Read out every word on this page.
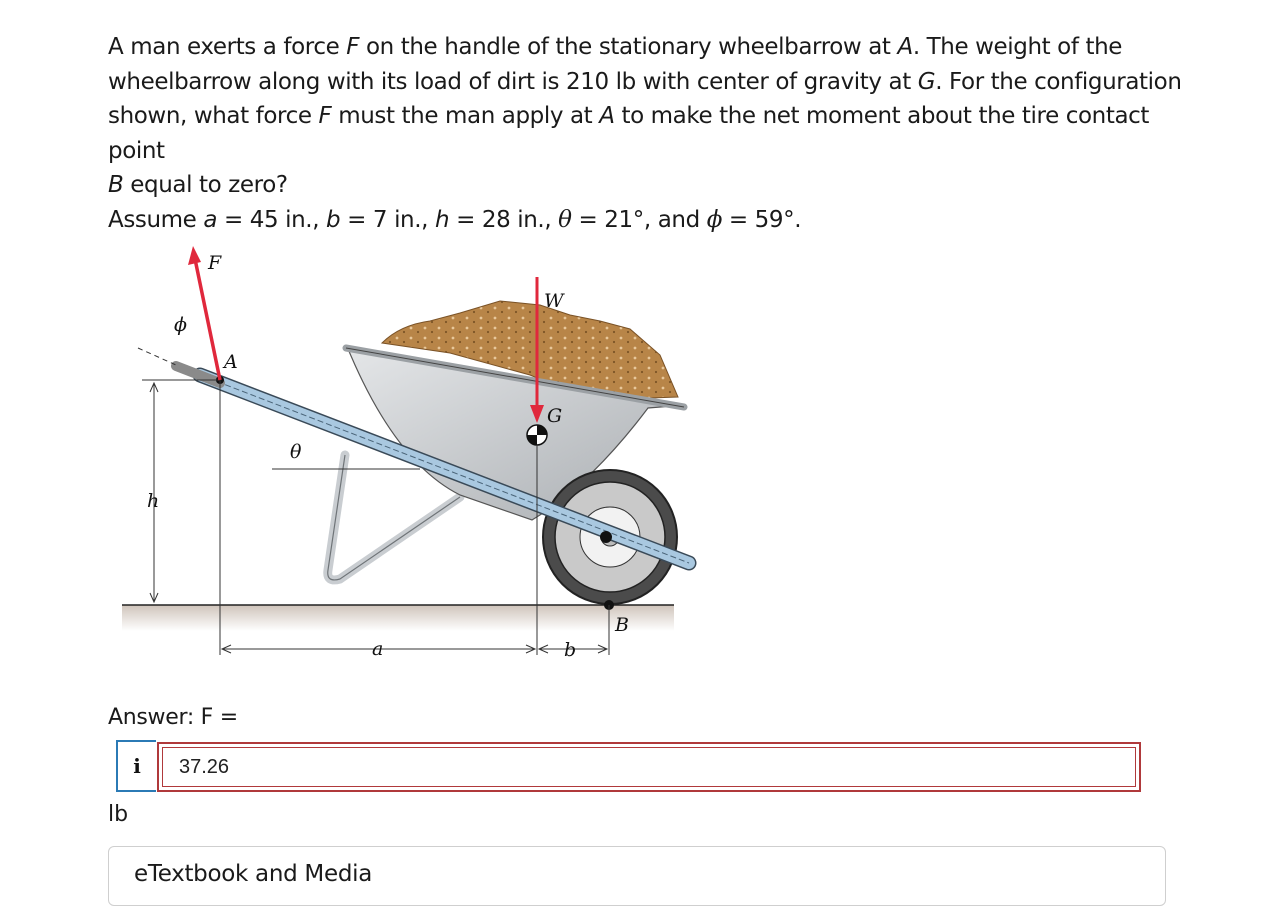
A man exerts a force F on the handle of the stationary wheelbarrow at A. The weight of the

wheelbarrow along with its load of dirt is 210 lb with center of gravity at G. For the configuration

shown, what force F must the man apply at A to make the net moment about the tire contact point

B equal to zero?

Assume a = 45 in., b = 7 in., h = 28 in., θ = 21°, and ϕ = 59°.

F
ϕ
A
W
G
θ
h
a	b
B
Answer: F =
i
37.26
lb
eTextbook and Media
